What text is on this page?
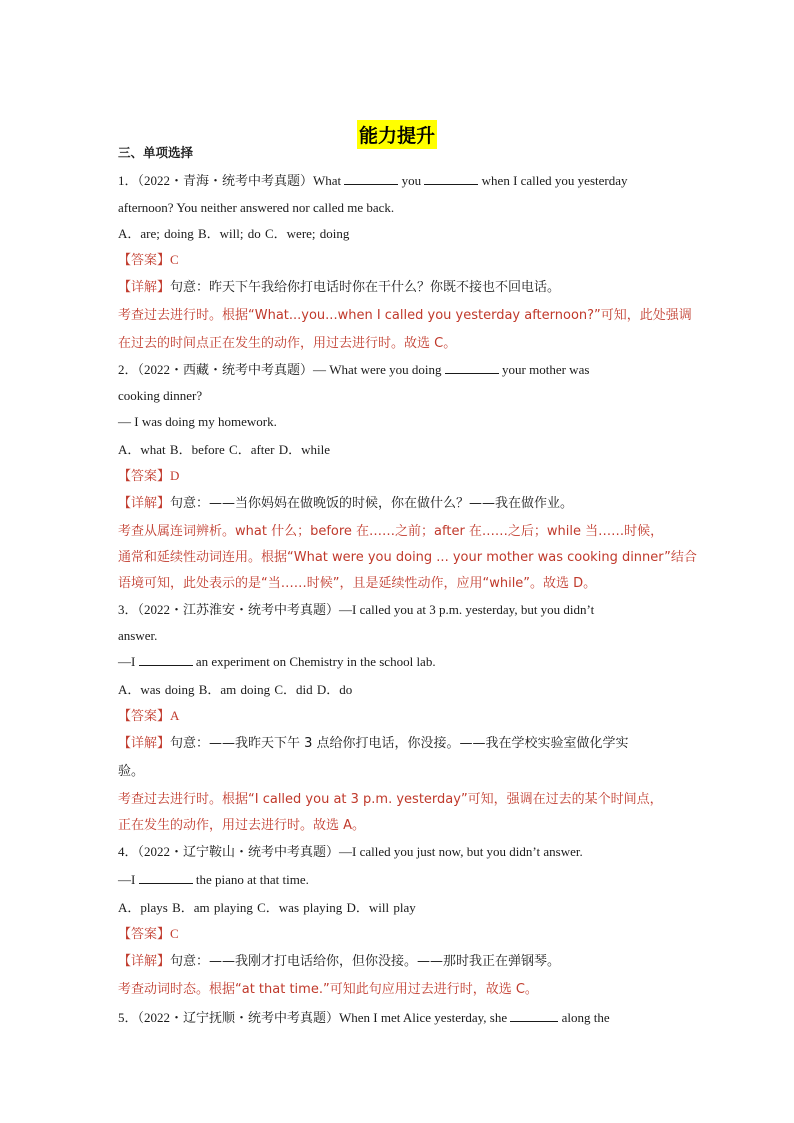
能力提升
三、单项选择
1．（2022・青海・统考中考真题）What	you	when I called you yesterday
afternoon? You neither answered nor called me back.
A．are; doing B．will; do C．were; doing
【答案】C
【详解】句意：昨天下午我给你打电话时你在干什么？你既不接也不回电话。
考查过去进行时。根据“What...you...when I called you yesterday afternoon?”可知，此处强调
在过去的时间点正在发生的动作，用过去进行时。故选 C。
2．（2022・西藏・统考中考真题）— What were you doing	your mother was
cooking dinner?
— I was doing my homework.
A．what B．before C．after D．while
【答案】D
【详解】句意：——当你妈妈在做晚饭的时候，你在做什么？——我在做作业。
考查从属连词辨析。what 什么；before 在……之前；after 在……之后；while 当……时候，
通常和延续性动词连用。根据“What were you doing ... your mother was cooking dinner”结合
语境可知，此处表示的是“当……时候”，且是延续性动作，应用“while”。故选 D。
3．（2022・江苏淮安・统考中考真题）—I called you at 3 p.m. yesterday, but you didn’t
answer.
—I	an experiment on Chemistry in the school lab.
A．was doing B．am doing C．did D．do
【答案】A
【详解】句意：——我昨天下午 3 点给你打电话，你没接。——我在学校实验室做化学实
验。
考查过去进行时。根据“I called you at 3 p.m. yesterday”可知，强调在过去的某个时间点，
正在发生的动作，用过去进行时。故选 A。
4．（2022・辽宁鞍山・统考中考真题）—I called you just now, but you didn’t answer.
—I	the piano at that time.
A．plays B．am playing C．was playing D．will play
【答案】C
【详解】句意：——我刚才打电话给你，但你没接。——那时我正在弹钢琴。
考查动词时态。根据“at that time.”可知此句应用过去进行时，故选 C。
5．（2022・辽宁抚顺・统考中考真题）When I met Alice yesterday, she	along the
